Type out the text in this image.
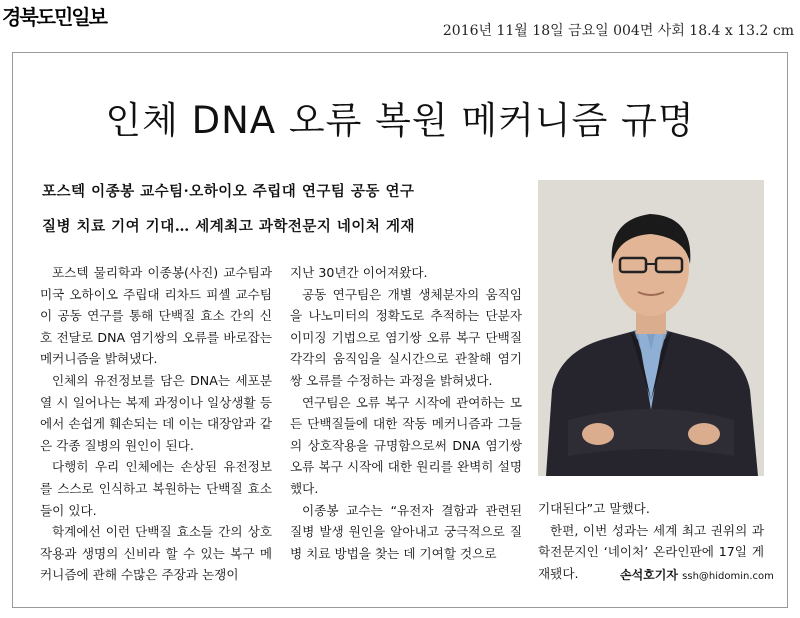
경북도민일보
2016년 11월 18일 금요일 004면 사회 18.4 x 13.2 cm
인체 DNA 오류 복원 메커니즘 규명
포스텍 이종봉 교수팀·오하이오 주립대 연구팀 공동 연구
질병 치료 기여 기대… 세계최고 과학전문지 네이처 게재

포스텍 물리학과 이종봉(사진) 교수팀과 미국 오하이오 주립대 리차드 피셸 교수팀이 공동 연구를 통해 단백질 효소 간의 신호 전달로 DNA 염기쌍의 오류를 바로잡는 메커니즘을 밝혀냈다.

인체의 유전정보를 담은 DNA는 세포분열 시 일어나는 복제 과정이나 일상생활 등에서 손쉽게 훼손되는 데 이는 대장암과 같은 각종 질병의 원인이 된다.

다행히 우리 인체에는 손상된 유전정보를 스스로 인식하고 복원하는 단백질 효소들이 있다.

학계에선 이런 단백질 효소들 간의 상호작용과 생명의 신비라 할 수 있는 복구 메커니즘에 관해 수많은 주장과 논쟁이

지난 30년간 이어져왔다.

공동 연구팀은 개별 생체분자의 움직임을 나노미터의 정확도로 추적하는 단분자 이미징 기법으로 염기쌍 오류 복구 단백질 각각의 움직임을 실시간으로 관찰해 염기쌍 오류를 수정하는 과정을 밝혀냈다.

연구팀은 오류 복구 시작에 관여하는 모든 단백질들에 대한 작동 메커니즘과 그들의 상호작용을 규명함으로써 DNA 염기쌍 오류 복구 시작에 대한 원리를 완벽히 설명했다.

이종봉 교수는 “유전자 결함과 관련된 질병 발생 원인을 알아내고 궁극적으로 질병 치료 방법을 찾는 데 기여할 것으로

기대된다”고 말했다.

한편, 이번 성과는 세계 최고 권위의 과학전문지인 ‘네이처’ 온라인판에 17일 게재됐다.	손석호기자 ssh@hidomin.com
